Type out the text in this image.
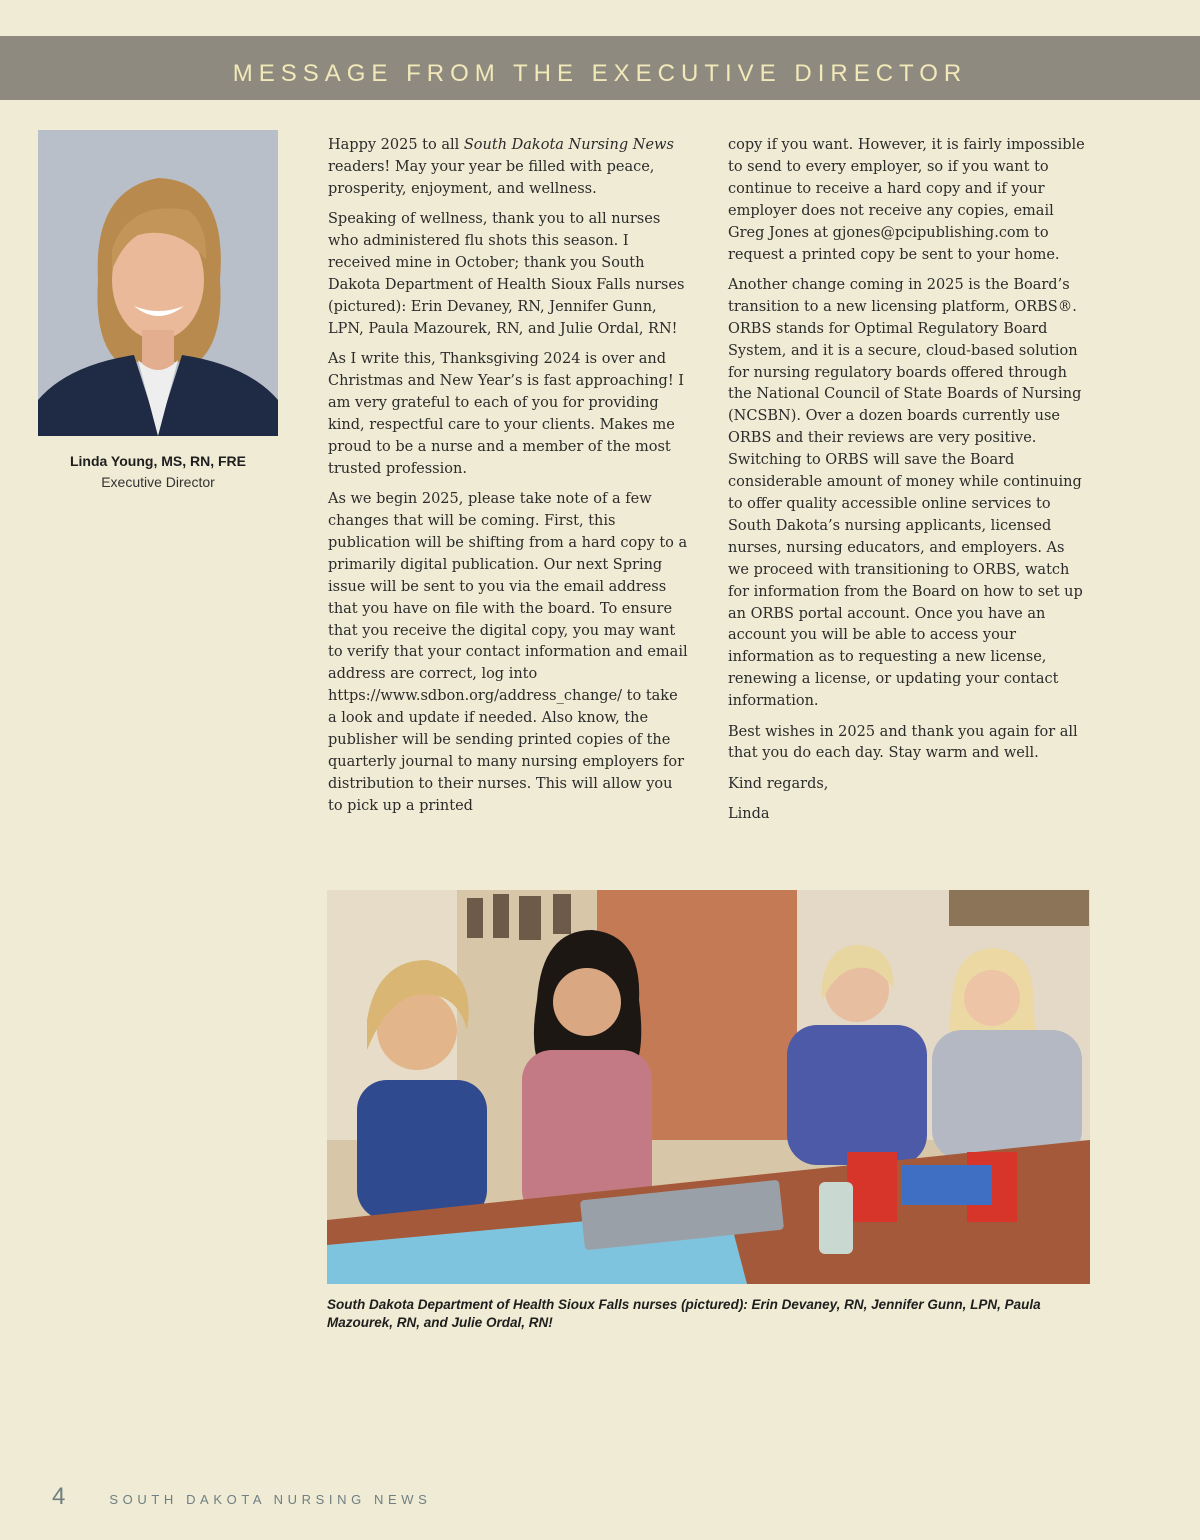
MESSAGE FROM THE EXECUTIVE DIRECTOR
Linda Young, MS, RN, FRE
Executive Director

Happy 2025 to all South Dakota Nursing News readers! May your year be filled with peace, prosperity, enjoyment, and wellness.

Speaking of wellness, thank you to all nurses who administered flu shots this season. I received mine in October; thank you South Dakota Department of Health Sioux Falls nurses (pictured): Erin Devaney, RN, Jennifer Gunn, LPN, Paula Mazourek, RN, and Julie Ordal, RN!

As I write this, Thanksgiving 2024 is over and Christmas and New Year’s is fast approaching! I am very grateful to each of you for providing kind, respectful care to your clients. Makes me proud to be a nurse and a member of the most trusted profession.

As we begin 2025, please take note of a few changes that will be coming. First, this publication will be shifting from a hard copy to a primarily digital publication. Our next Spring issue will be sent to you via the email address that you have on file with the board. To ensure that you receive the digital copy, you may want to verify that your contact information and email address are correct, log into https://www.sdbon.org/address_change/ to take a look and update if needed. Also know, the publisher will be sending printed copies of the quarterly journal to many nursing employers for distribution to their nurses. This will allow you to pick up a printed

copy if you want. However, it is fairly impossible to send to every employer, so if you want to continue to receive a hard copy and if your employer does not receive any copies, email Greg Jones at gjones@pcipublishing.com to request a printed copy be sent to your home.

Another change coming in 2025 is the Board’s transition to a new licensing platform, ORBS®. ORBS stands for Optimal Regulatory Board System, and it is a secure, cloud-based solution for nursing regulatory boards offered through the National Council of State Boards of Nursing (NCSBN). Over a dozen boards currently use ORBS and their reviews are very positive. Switching to ORBS will save the Board considerable amount of money while continuing to offer quality accessible online services to South Dakota’s nursing applicants, licensed nurses, nursing educators, and employers. As we proceed with transitioning to ORBS, watch for information from the Board on how to set up an ORBS portal account. Once you have an account you will be able to access your information as to requesting a new license, renewing a license, or updating your contact information.

Best wishes in 2025 and thank you again for all that you do each day. Stay warm and well.

Kind regards,

Linda

South Dakota Department of Health Sioux Falls nurses (pictured): Erin Devaney, RN, Jennifer Gunn, LPN, Paula Mazourek, RN, and Julie Ordal, RN!
4	SOUTH DAKOTA NURSING NEWS
